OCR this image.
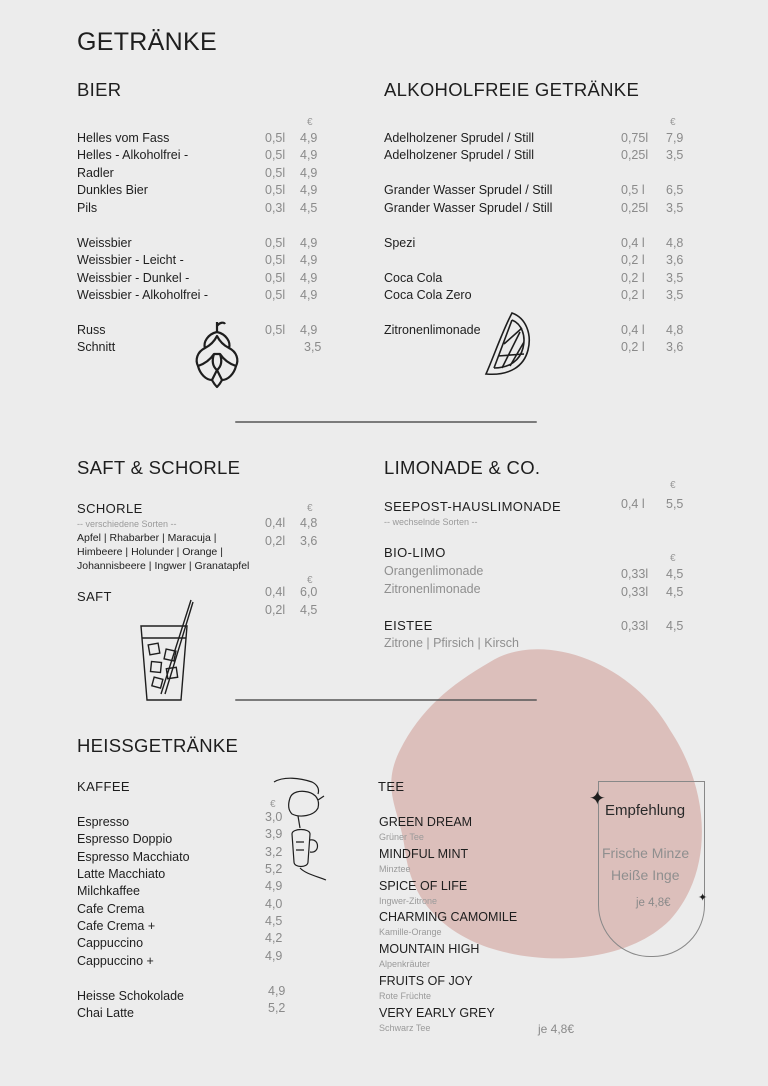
GETRÄNKE
BIER
€
ALKOHOLFREIE GETRÄNKE
€
SAFT & SCHORLE
SCHORLE	€
-- verschiedene Sorten --
Apfel | Rhabarber | Maracuja |
Himbeere | Holunder | Orange |
Johannisbeere | Ingwer | Granatapfel
0,4l 4,8
0,2l 3,6
SAFT
€
0,4l 6,0
0,2l 4,5
LIMONADE & CO.
€
SEEPOST-HAUSLIMONADE
-- wechselnde Sorten --
0,4 l 5,5
BIO-LIMO	€
Orangenlimonade	0,33l 4,5
Zitronenlimonade	0,33l 4,5
EISTEE	0,33l 4,5
Zitrone | Pfirsich | Kirsch
HEISSGETRÄNKE
KAFFEE
€
TEE
je 4,8€
✦
✦
Empfehlung
Frische Minze
Heiße Inge
je 4,8€
Helles vom Fass	0,5l 4,9
Helles - Alkoholfrei -	0,5l 4,9
Radler	0,5l 4,9
Dunkles Bier	0,5l 4,9
Pils	0,3l 4,5
Weissbier	0,5l 4,9
Weissbier - Leicht -	0,5l 4,9
Weissbier - Dunkel -	0,5l 4,9
Weissbier - Alkoholfrei -	0,5l 4,9
Russ	0,5l 4,9
Schnitt	3,5
Adelholzener Sprudel / Still	0,75l 7,9
Adelholzener Sprudel / Still	0,25l 3,5
Grander Wasser Sprudel / Still	0,5 l 6,5
Grander Wasser Sprudel / Still	0,25l 3,5
Spezi	0,4 l 4,8
0,2 l 3,6
Coca Cola	0,2 l 3,5
Coca Cola Zero	0,2 l 3,5
Zitronenlimonade	0,4 l 4,8
0,2 l 3,6
Espresso	3,0
Espresso Doppio	3,9
Espresso Macchiato	3,2
Latte Macchiato	5,2
Milchkaffee	4,9
Cafe Crema	4,0
Cafe Crema +	4,5
Cappuccino	4,2
Cappuccino +	4,9
Heisse Schokolade	4,9
Chai Latte	5,2
GREEN DREAM
Grüner Tee
MINDFUL MINT
Minztee
SPICE OF LIFE
Ingwer-Zitrone
CHARMING CAMOMILE
Kamille-Orange
MOUNTAIN HIGH
Alpenkräuter
FRUITS OF JOY
Rote Früchte
VERY EARLY GREY
Schwarz Tee
